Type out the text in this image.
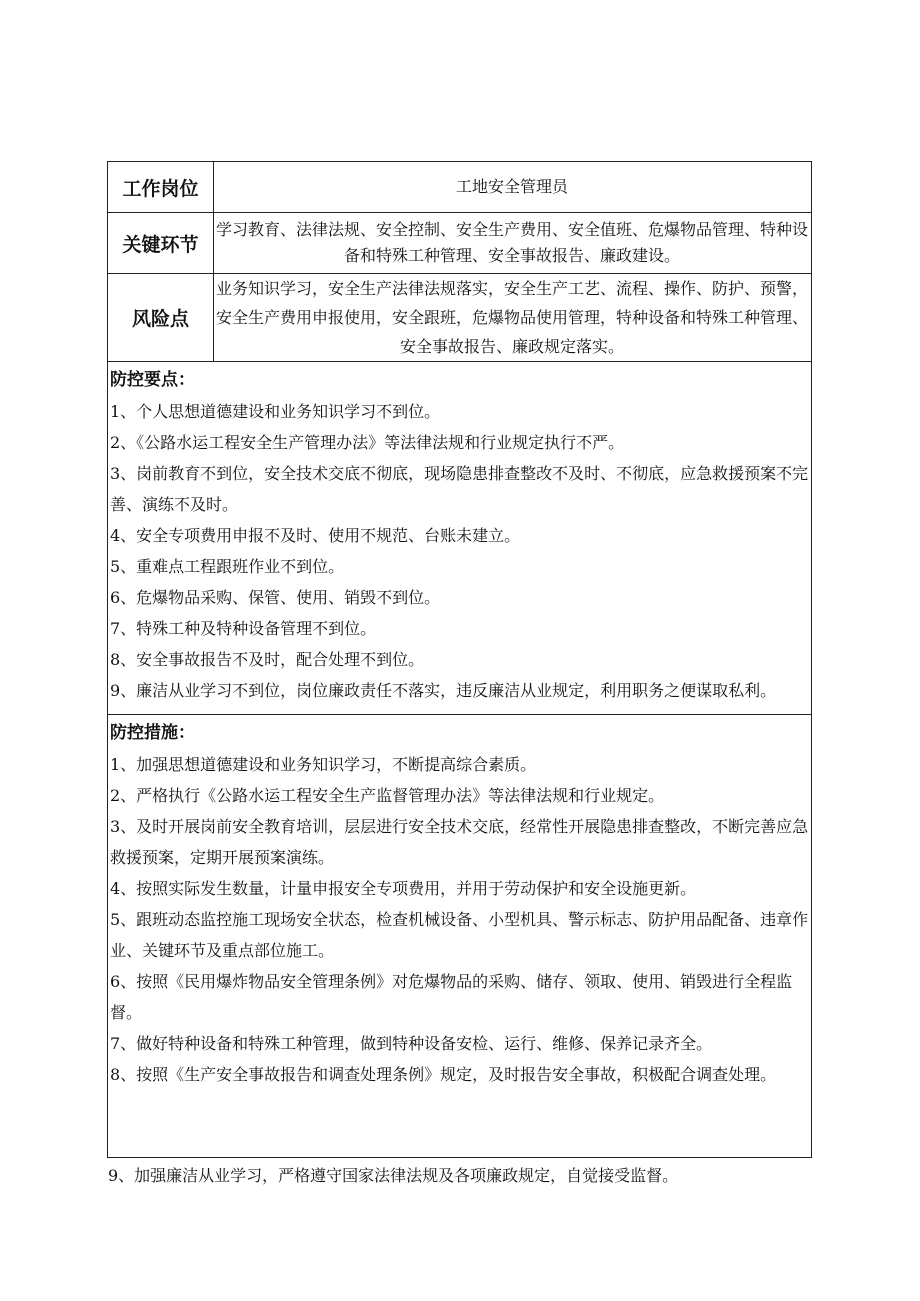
工作岗位	工地安全管理员
关键环节
学习教育、法律法规、安全控制、安全生产费用、安全值班、危爆物品管理、特种设备和特殊工种管理、安全事故报告、廉政建设。
风险点
业务知识学习，安全生产法律法规落实，安全生产工艺、流程、操作、防护、预警，安全生产费用申报使用，安全跟班，危爆物品使用管理，特种设备和特殊工种管理、安全事故报告、廉政规定落实。
防控要点：
1、个人思想道德建设和业务知识学习不到位。
2、《公路水运工程安全生产管理办法》等法律法规和行业规定执行不严。
3、岗前教育不到位，安全技术交底不彻底，现场隐患排查整改不及时、不彻底，应急救援预案不完善、演练不及时。
4、安全专项费用申报不及时、使用不规范、台账未建立。
5、重难点工程跟班作业不到位。
6、危爆物品采购、保管、使用、销毁不到位。
7、特殊工种及特种设备管理不到位。
8、安全事故报告不及时，配合处理不到位。
9、廉洁从业学习不到位，岗位廉政责任不落实，违反廉洁从业规定，利用职务之便谋取私利。
防控措施：
1、加强思想道德建设和业务知识学习，不断提高综合素质。
2、严格执行《公路水运工程安全生产监督管理办法》等法律法规和行业规定。
3、及时开展岗前安全教育培训，层层进行安全技术交底，经常性开展隐患排查整改，不断完善应急救援预案，定期开展预案演练。
4、按照实际发生数量，计量申报安全专项费用，并用于劳动保护和安全设施更新。
5、跟班动态监控施工现场安全状态，检查机械设备、小型机具、警示标志、防护用品配备、违章作业、关键环节及重点部位施工。
6、按照《民用爆炸物品安全管理条例》对危爆物品的采购、储存、领取、使用、销毁进行全程监督。
7、做好特种设备和特殊工种管理，做到特种设备安检、运行、维修、保养记录齐全。
8、按照《生产安全事故报告和调查处理条例》规定，及时报告安全事故，积极配合调查处理。
9、加强廉洁从业学习，严格遵守国家法律法规及各项廉政规定，自觉接受监督。
